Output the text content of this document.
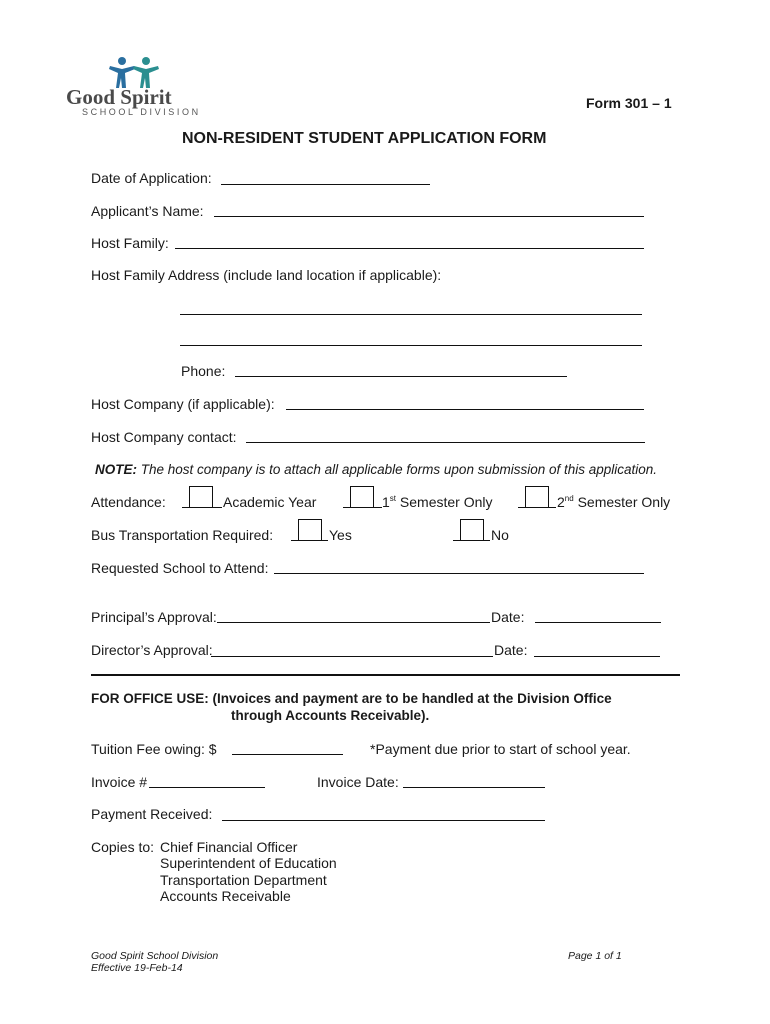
Good Spirit
SCHOOL DIVISION
Form 301 – 1
NON-RESIDENT STUDENT APPLICATION FORM
Date of Application:
Applicant’s Name:
Host Family:
Host Family Address (include land location if applicable):
Phone:
Host Company (if applicable):
Host Company contact:
NOTE: The host company is to attach all applicable forms upon submission of this application.
Attendance:	Academic Year	1st Semester Only	2nd Semester Only
Bus Transportation Required:	Yes	No
Requested School to Attend:
Principal’s Approval:	Date:
Director’s Approval:	Date:
FOR OFFICE USE: (Invoices and payment are to be handled at the Division Office
through Accounts Receivable).
Tuition Fee owing: $	*Payment due prior to start of school year.
Invoice #	Invoice Date:
Payment Received:
Copies to: Chief Financial Officer
Superintendent of Education
Transportation Department
Accounts Receivable
Good Spirit School Division
Effective 19-Feb-14
Page 1 of 1
